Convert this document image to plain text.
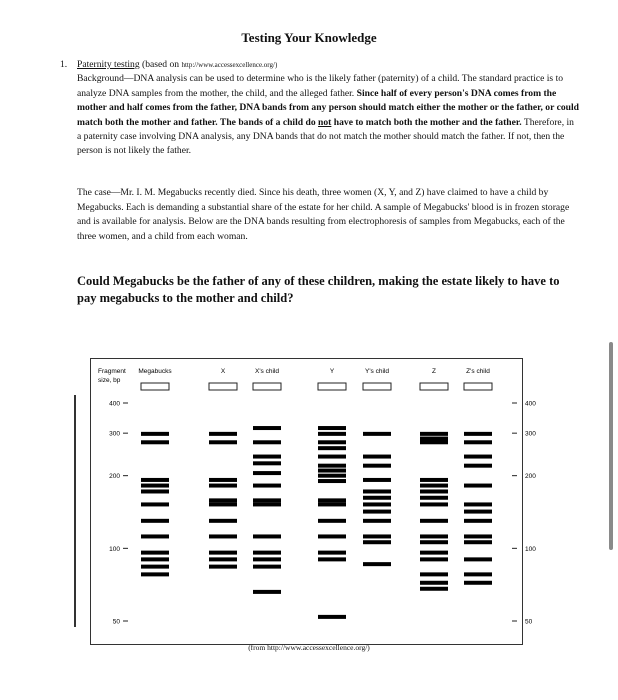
Testing Your Knowledge
1. Paternity testing (based on http://www.accessexcellence.org/)

Background—DNA analysis can be used to determine who is the likely father (paternity) of a child. The standard practice is to analyze DNA samples from the mother, the child, and the alleged father. Since half of every person's DNA comes from the mother and half comes from the father, DNA bands from any person should match either the mother or the father, or could match both the mother and father. The bands of a child do not have to match both the mother and the father. Therefore, in a paternity case involving DNA analysis, any DNA bands that do not match the mother should match the father. If not, then the person is not likely the father.

The case—Mr. I. M. Megabucks recently died. Since his death, three women (X, Y, and Z) have claimed to have a child by Megabucks. Each is demanding a substantial share of the estate for her child. A sample of Megabucks' blood is in frozen storage and is available for analysis. Below are the DNA bands resulting from electrophoresis of samples from Megabucks, each of the three women, and a child from each woman.

Could Megabucks be the father of any of these children, making the estate likely to have to pay megabucks to the mother and child?

Fragment
size, bp
Megabucks	X	X's child	Y	Y's child	Z	Z's child
400	400
300	300
200	200
100	100
50	50
(from http://www.accessexcellence.org/)
